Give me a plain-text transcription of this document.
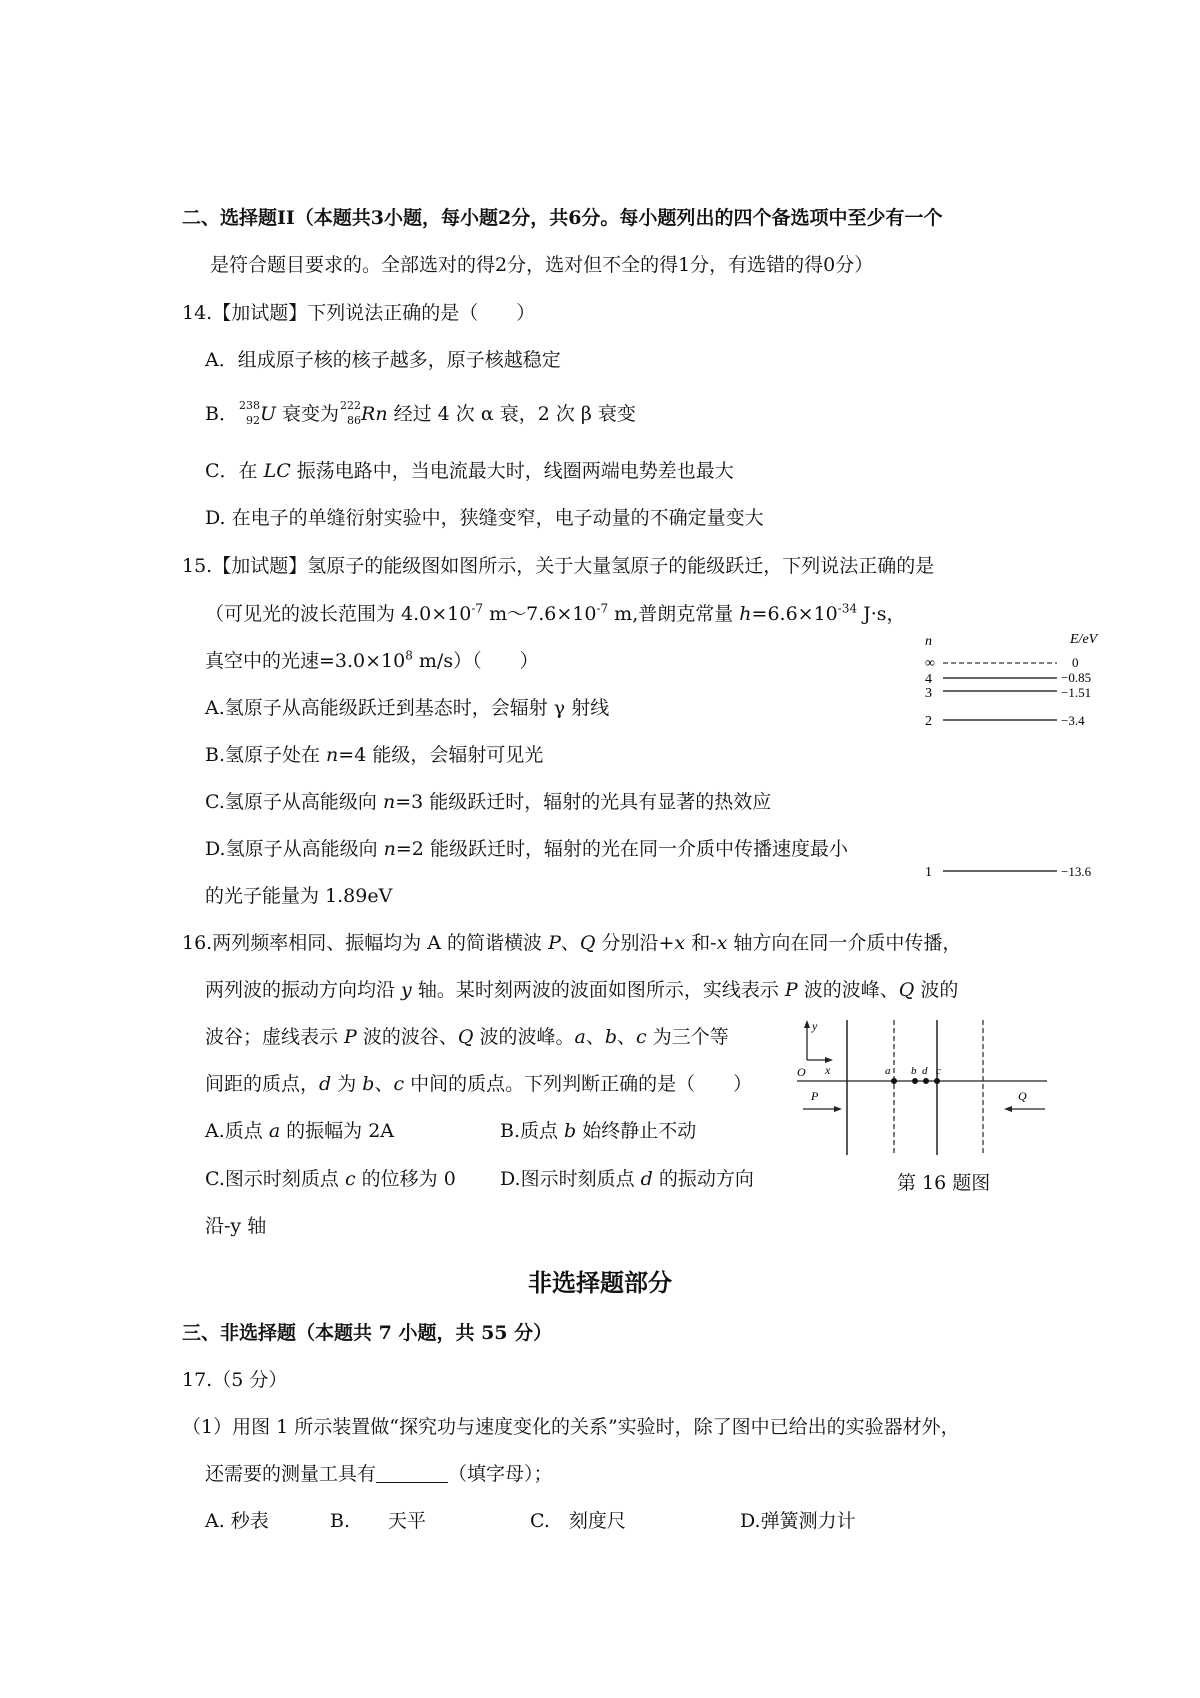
二、选择题II（本题共3小题，每小题2分，共6分。每小题列出的四个备选项中至少有一个
是符合题目要求的。全部选对的得2分，选对但不全的得1分，有选错的得0分）
14.【加试题】下列说法正确的是（　　）
A．组成原子核的核子越多，原子核越稳定
B． 238
92 U 衰变为 222
86 Rn 经过 4 次 α 衰，2 次 β 衰变
C．在 LC 振荡电路中，当电流最大时，线圈两端电势差也最大
D. 在电子的单缝衍射实验中，狭缝变窄，电子动量的不确定量变大
15.【加试题】氢原子的能级图如图所示，关于大量氢原子的能级跃迁，下列说法正确的是
（可见光的波长范围为 $4.0\times 10^{-7}$ $m\sim 7.6\times 10^{-7}$ m,普朗克常量 $h=6.6\times 10^{-34}$ J·s，
真空中的光速$=3.0\times 10^8$ m/s）（　　）
A.氢原子从高能级跃迁到基态时，会辐射 γ 射线
B.氢原子处在 n=4 能级，会辐射可见光
C.氢原子从高能级向 n=3 能级跃迁时，辐射的光具有显著的热效应
D.氢原子从高能级向 n=2 能级跃迁时，辐射的光在同一介质中传播速度最小
的光子能量为 1.89eV
n	E/eV
∞	0
4	−0.85
3	−1.51
2	−3.4
1	−13.6
16.两列频率相同、振幅均为 A 的简谐横波 P、Q 分别沿+x 和-x 轴方向在同一介质中传播，
两列波的振动方向均沿 y 轴。某时刻两波的波面如图所示，实线表示 P 波的波峰、Q 波的
波谷；虚线表示 P 波的波谷、Q 波的波峰。a、b、c 为三个等
间距的质点，d 为 b、c 中间的质点。下列判断正确的是（　　）
A.质点 a 的振幅为 2A	B.质点 b 始终静止不动
C.图示时刻质点 c 的位移为 0 D.图示时刻质点 d 的振动方向
沿-y 轴
y
x
O	a b d c
P	Q
第 16 题图
非选择题部分
三、非选择题（本题共 7 小题，共 55 分）
17.（5 分）
（1）用图 1 所示装置做“探究功与速度变化的关系”实验时，除了图中已给出的实验器材外，
还需要的测量工具有	（填字母）；
A. 秒表	B.　　天平	C.　刻度尺	D.弹簧测力计
